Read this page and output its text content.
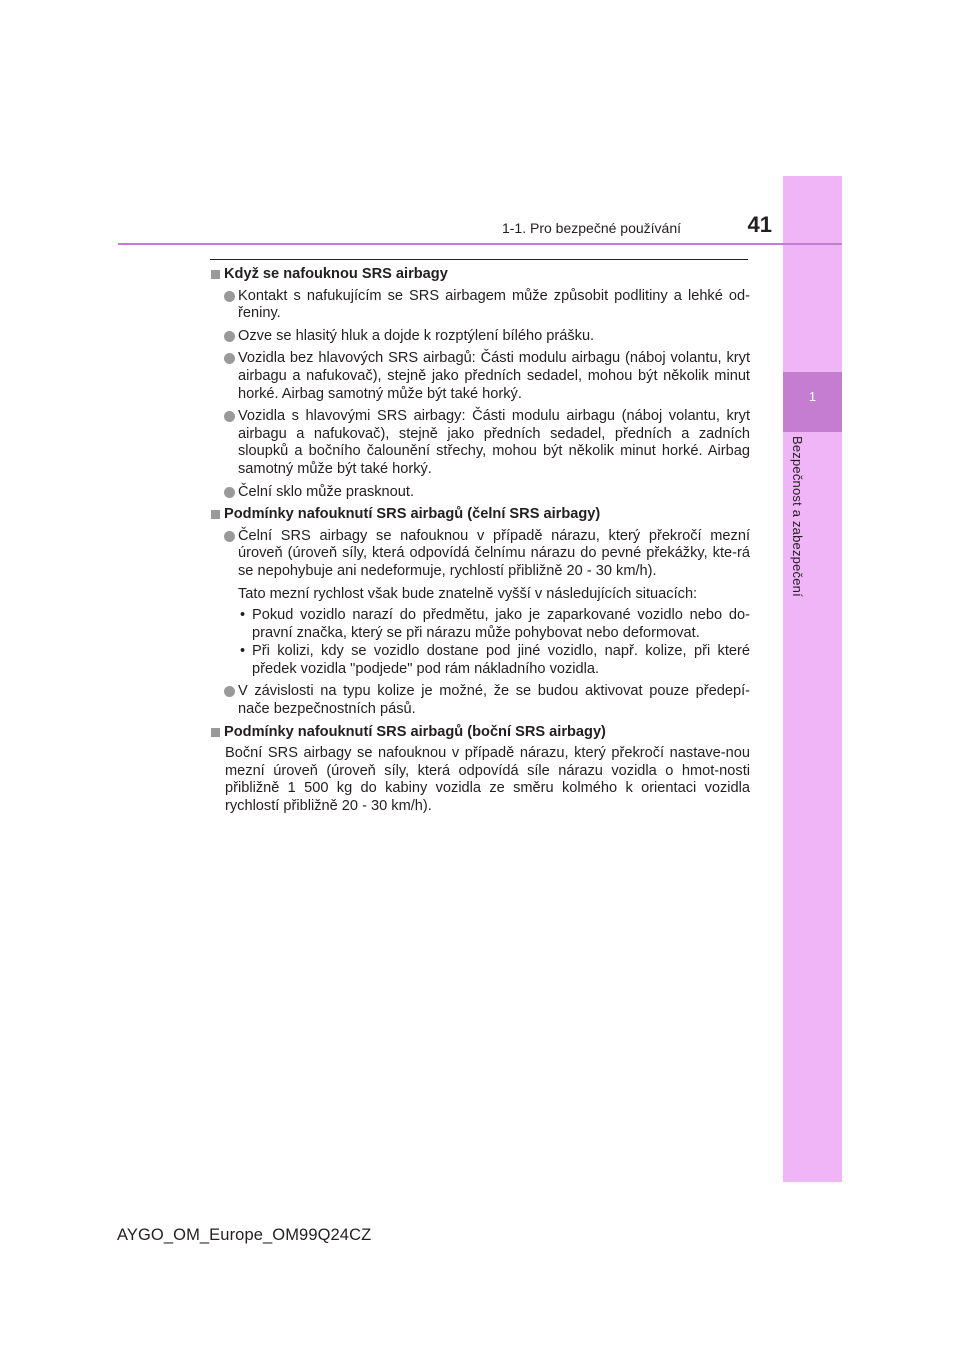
1
Bezpečnost a zabezpečení
1-1. Pro bezpečné používání	41
Když se nafouknou SRS airbagy
Kontakt s nafukujícím se SRS airbagem může způsobit podlitiny a lehké od-řeniny.
Ozve se hlasitý hluk a dojde k rozptýlení bílého prášku.
Vozidla bez hlavových SRS airbagů: Části modulu airbagu (náboj volantu, kryt airbagu a nafukovač), stejně jako předních sedadel, mohou být několik minut horké. Airbag samotný může být také horký.
Vozidla s hlavovými SRS airbagy: Části modulu airbagu (náboj volantu, kryt airbagu a nafukovač), stejně jako předních sedadel, předních a zadních sloupků a bočního čalounění střechy, mohou být několik minut horké. Airbag samotný může být také horký.
Čelní sklo může prasknout.
Podmínky nafouknutí SRS airbagů (čelní SRS airbagy)
Čelní SRS airbagy se nafouknou v případě nárazu, který překročí mezní úroveň (úroveň síly, která odpovídá čelnímu nárazu do pevné překážky, kte-rá se nepohybuje ani nedeformuje, rychlostí přibližně 20 - 30 km/h).
Tato mezní rychlost však bude znatelně vyšší v následujících situacích:
• Pokud vozidlo narazí do předmětu, jako je zaparkované vozidlo nebo do-pravní značka, který se při nárazu může pohybovat nebo deformovat.
• Při kolizi, kdy se vozidlo dostane pod jiné vozidlo, např. kolize, při které předek vozidla "podjede" pod rám nákladního vozidla.
V závislosti na typu kolize je možné, že se budou aktivovat pouze předepí-nače bezpečnostních pásů.
Podmínky nafouknutí SRS airbagů (boční SRS airbagy)
Boční SRS airbagy se nafouknou v případě nárazu, který překročí nastave-nou mezní úroveň (úroveň síly, která odpovídá síle nárazu vozidla o hmot-nosti přibližně 1 500 kg do kabiny vozidla ze směru kolmého k orientaci vozidla rychlostí přibližně 20 - 30 km/h).
AYGO_OM_Europe_OM99Q24CZ
